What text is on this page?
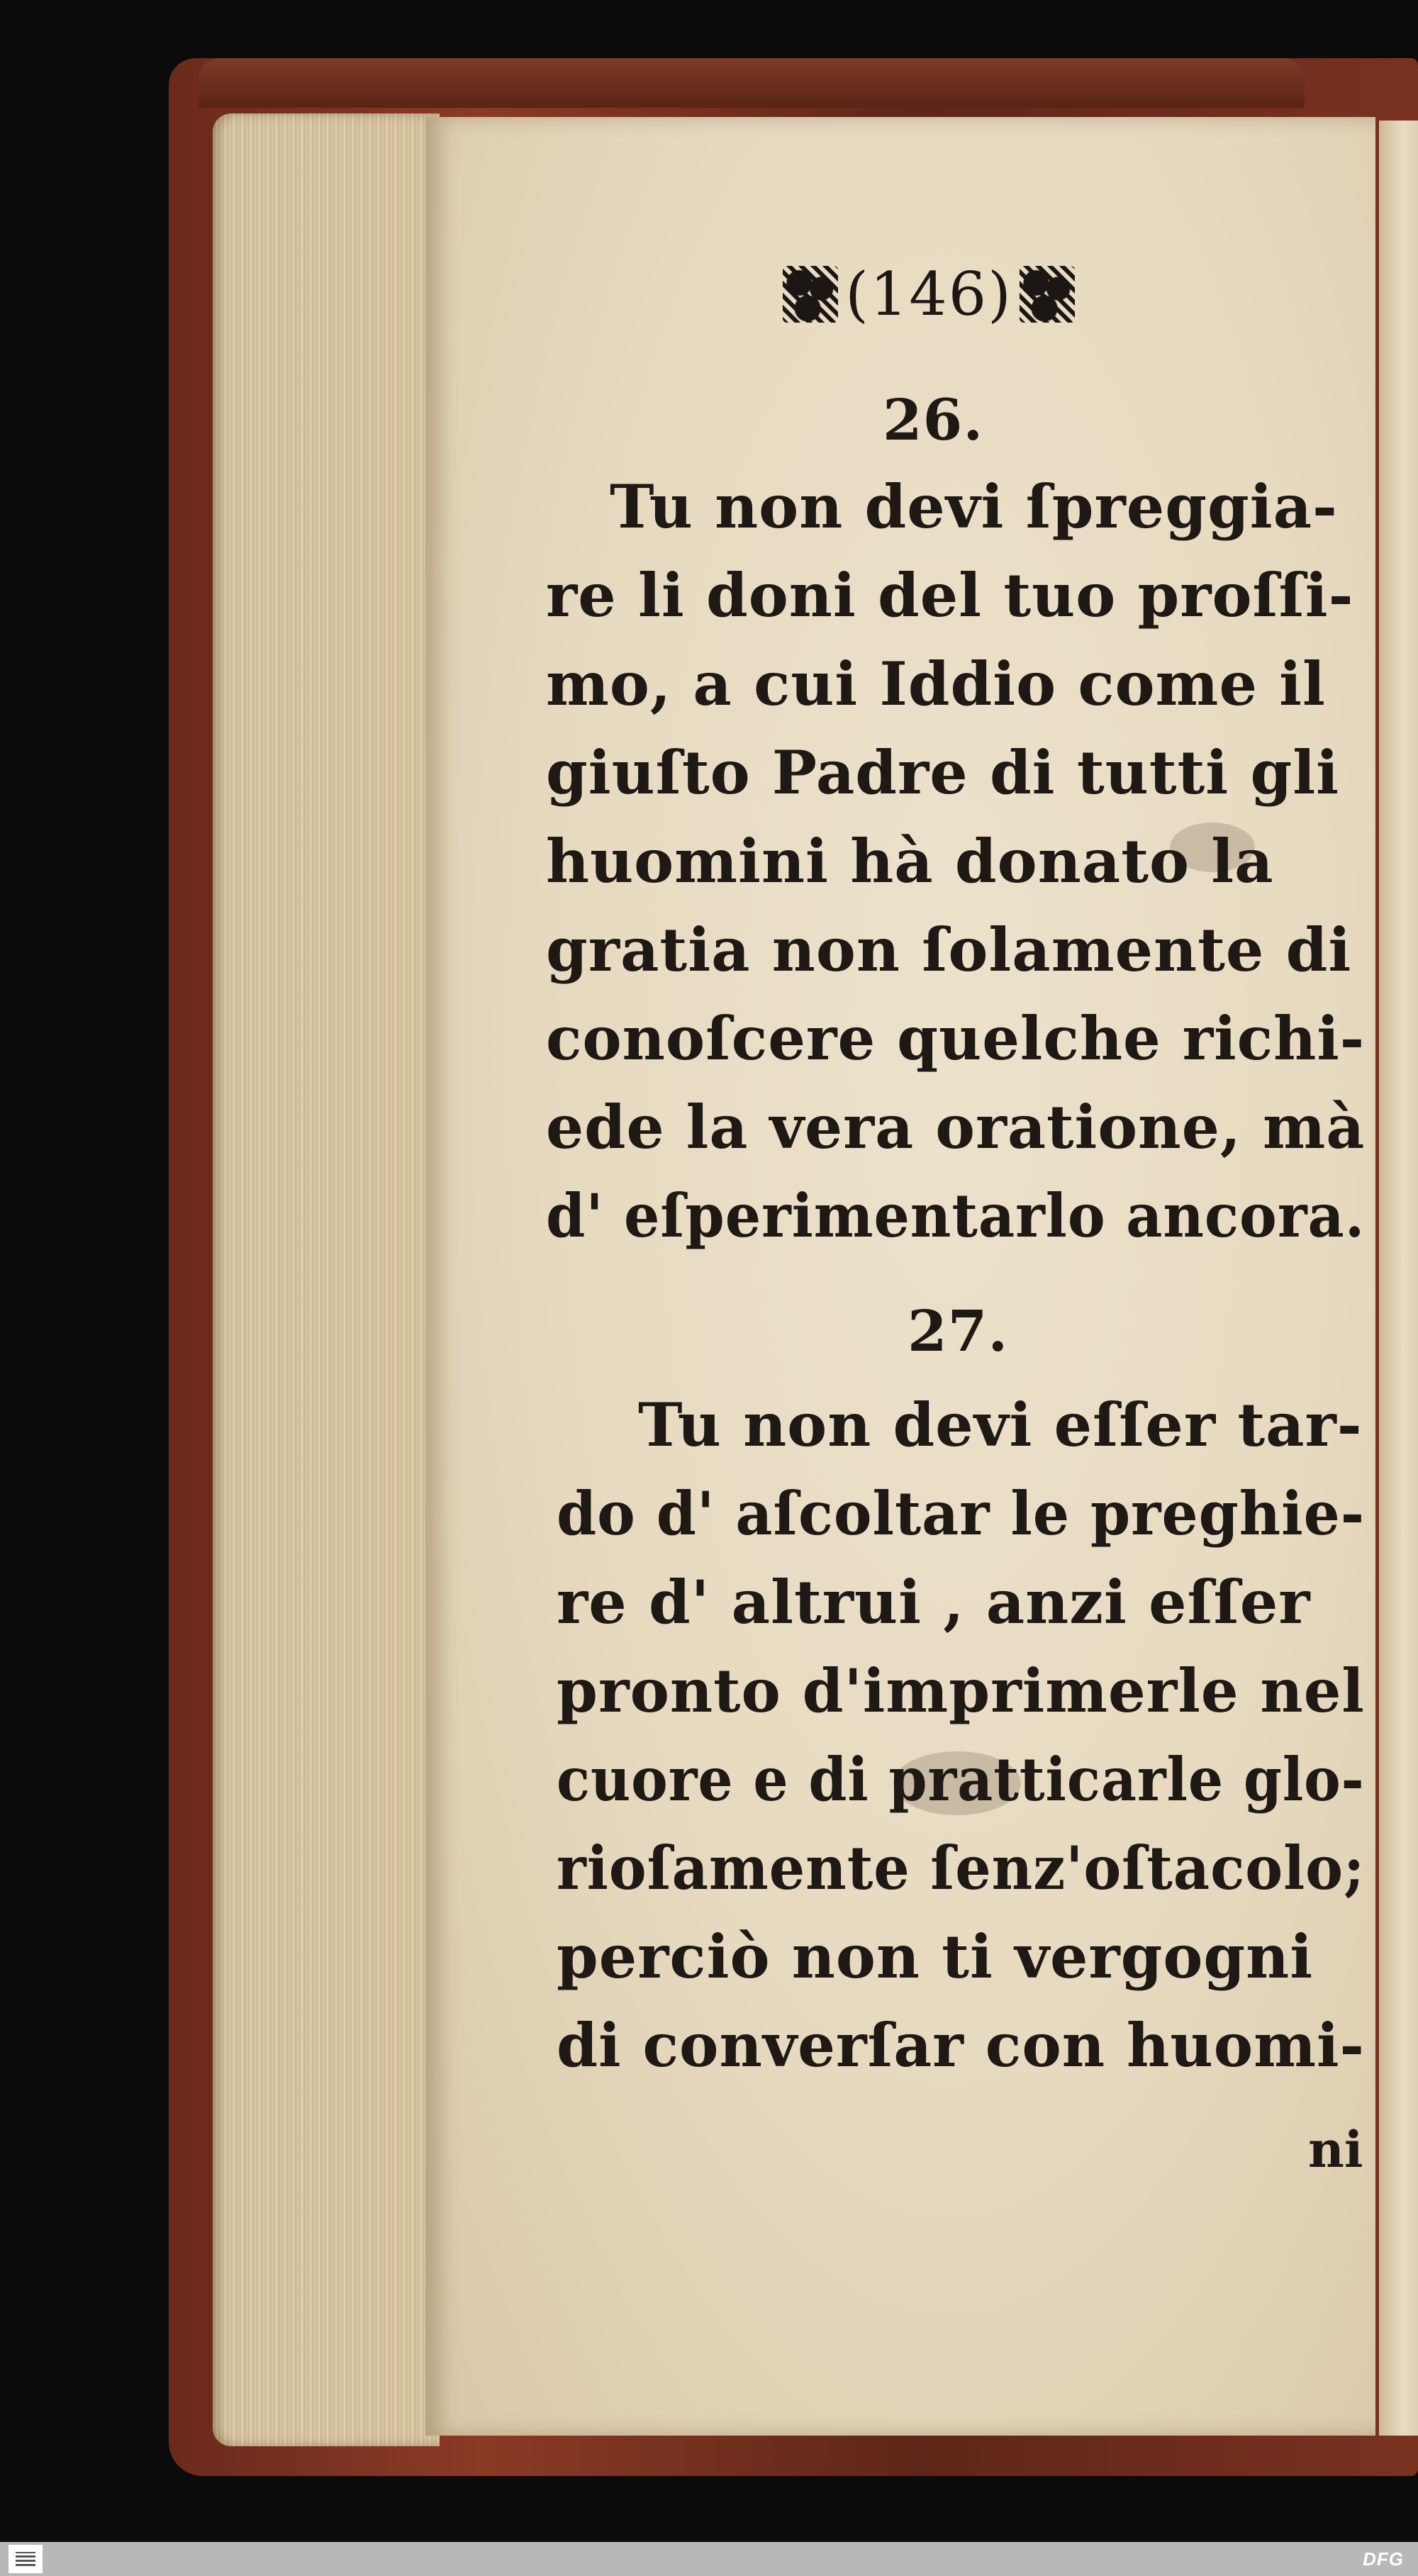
(146)
26.
Tu non devi ſpreggia-
re li doni del tuo proſſi-
mo, a cui Iddio come il
giuſto Padre di tutti gli
huomini hà donato la
gratia non ſolamente di
conoſcere quelche richi-
ede la vera oratione, mà
d' eſperimentarlo ancora.
27.
Tu non devi eſſer tar-
do d' aſcoltar le preghie-
re d' altrui , anzi eſſer
pronto d'imprimerle nel
cuore e di pratticarle glo-
rioſamente ſenz'oſtacolo;
perciò non ti vergogni
di converſar con huomi-
ni
DFG
